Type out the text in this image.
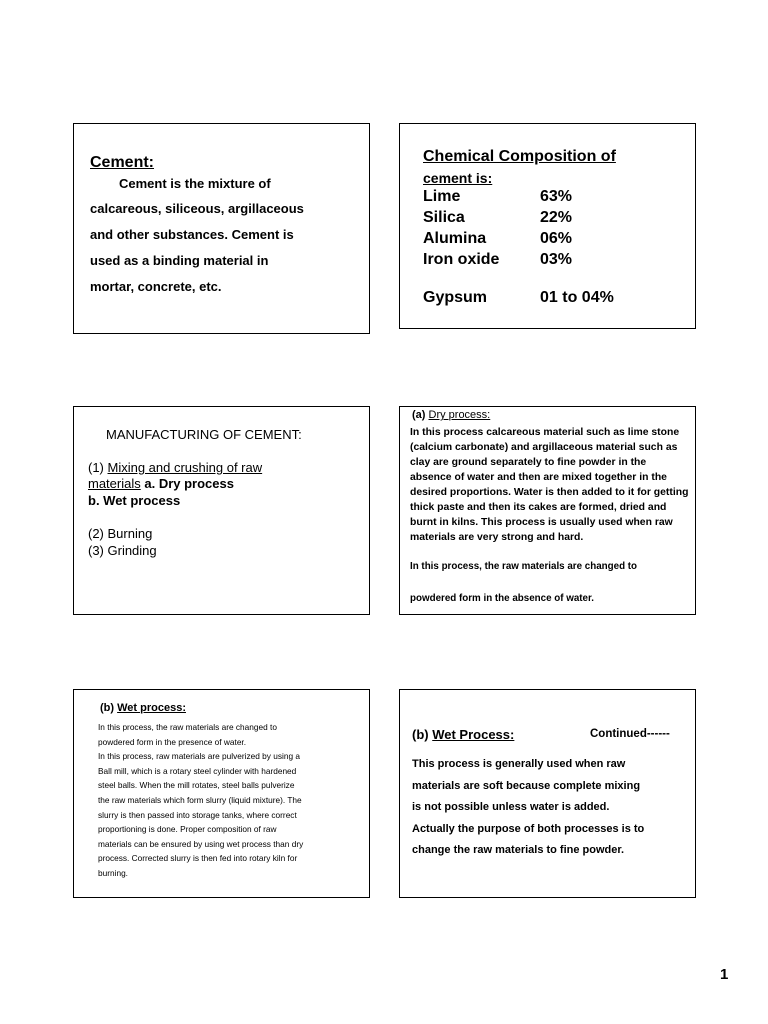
Cement:
Cement is the mixture of
calcareous, siliceous, argillaceous
and other substances. Cement is
used as a binding material in
mortar, concrete, etc.
Chemical Composition of
cement is:
Lime	63%
Silica	22%
Alumina	06%
Iron oxide	03%
Gypsum	01 to 04%
MANUFACTURING OF CEMENT:
(1) Mixing and crushing of raw
materials a. Dry process
b. Wet process
(2) Burning
(3) Grinding
(a) Dry process:
In this process calcareous material such as lime stone (calcium carbonate) and argillaceous material such as clay are ground separately to fine powder in the absence of water and then are mixed together in the desired proportions. Water is then added to it for getting thick paste and then its cakes are formed, dried and burnt in kilns. This process is usually used when raw materials are very strong and hard.
In this process, the raw materials are changed to
powdered form in the absence of water.
(b) Wet process:
In this process, the raw materials are changed to
powdered form in the presence of water.
In this process, raw materials are pulverized by using a
Ball mill, which is a rotary steel cylinder with hardened
steel balls. When the mill rotates, steel balls pulverize
the raw materials which form slurry (liquid mixture). The
slurry is then passed into storage tanks, where correct
proportioning is done. Proper composition of raw
materials can be ensured by using wet process than dry
process. Corrected slurry is then fed into rotary kiln for
burning.
(b) Wet Process:	Continued------
This process is generally used when raw
materials are soft because complete mixing
is not possible unless water is added.
Actually the purpose of both processes is to
change the raw materials to fine powder.
1
